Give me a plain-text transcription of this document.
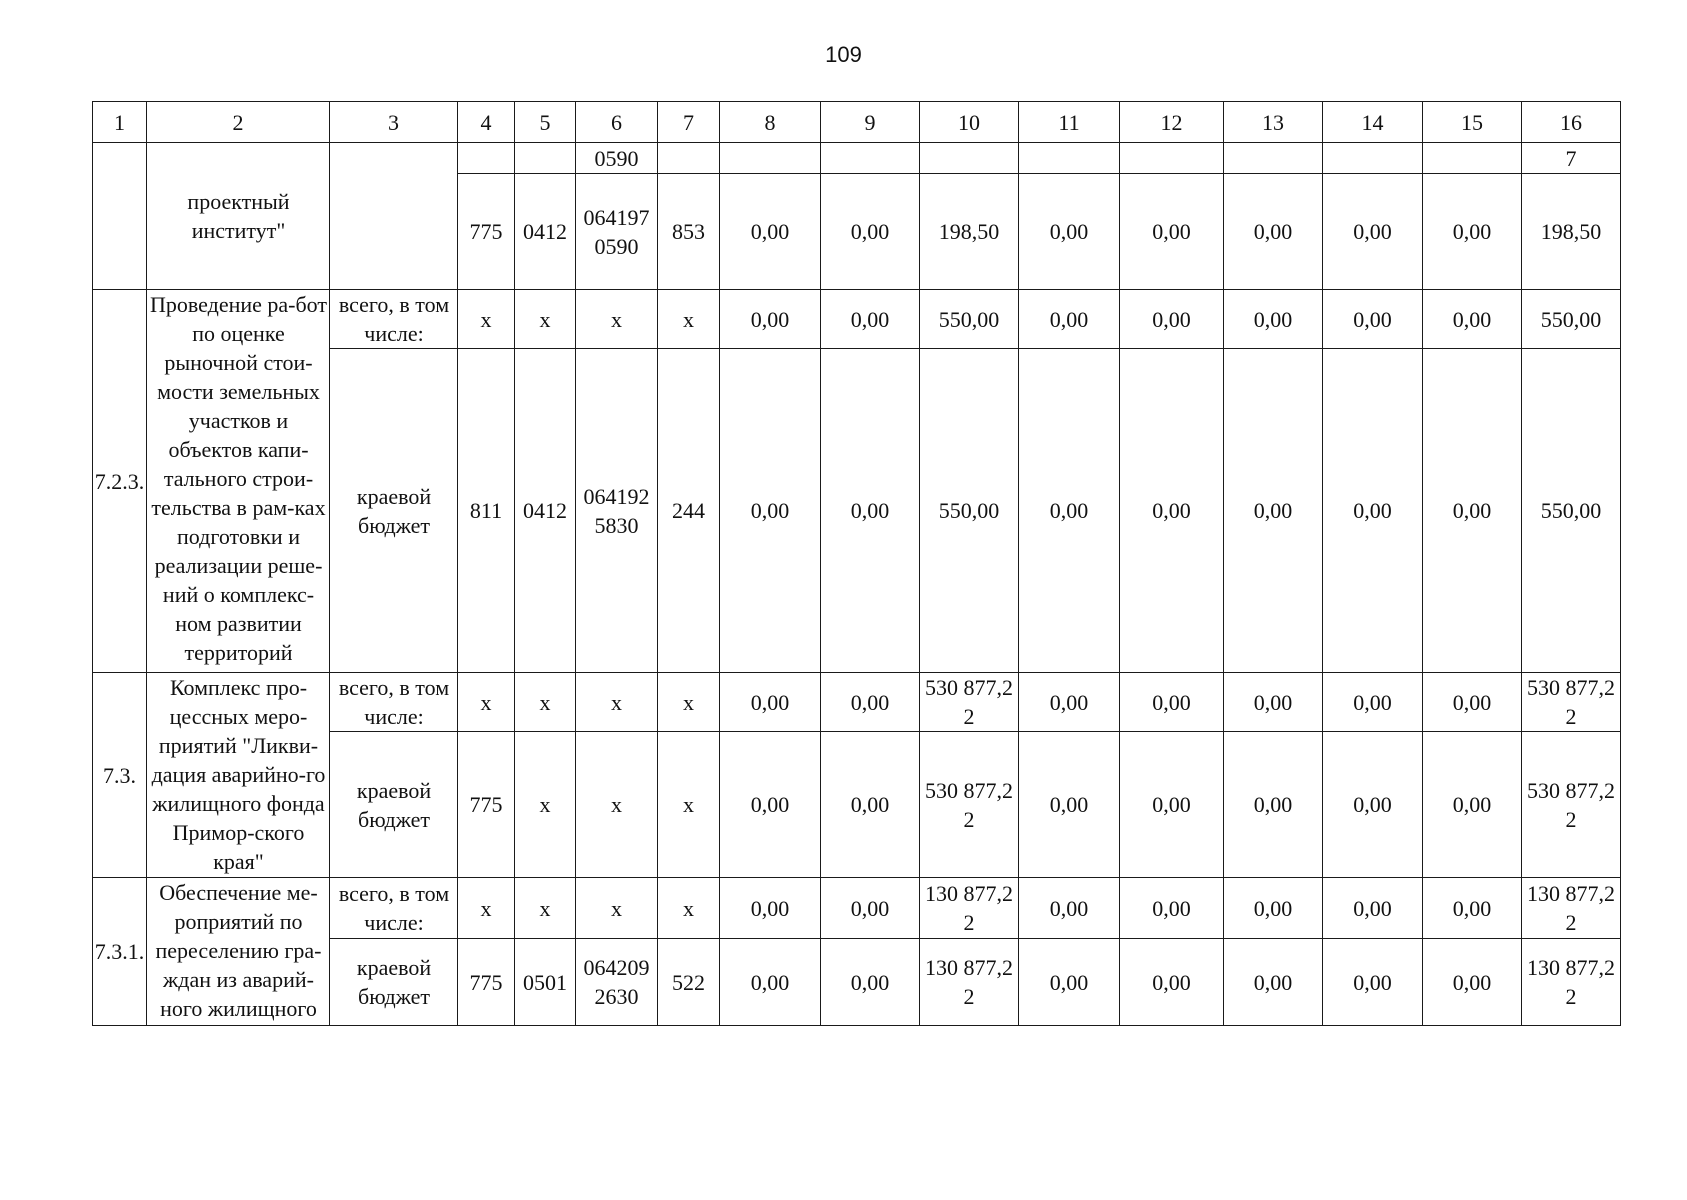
109
1	2	3	4	5	6	7	8	9	10	11	12	13	14	15	16
	проектный институт"				0590										7
			775	0412	064197 0590	853	0,00	0,00	198,50	0,00	0,00	0,00	0,00	0,00	198,50
7.2.3.	Проведение ра-бот по оценке рыночной стои-мости земельных участков и объектов капи-тального строи-тельства в рам-ках подготовки и реализации реше-ний о комплекс-ном развитии территорий	всего, в том числе:	x	x	x	x	0,00	0,00	550,00	0,00	0,00	0,00	0,00	0,00	550,00
		краевой бюджет	811	0412	064192 5830	244	0,00	0,00	550,00	0,00	0,00	0,00	0,00	0,00	550,00
7.3.	Комплекс про-цессных меро-приятий "Ликви-дация аварийно-го жилищного фонда Примор-ского края"	всего, в том числе:	x	x	x	x	0,00	0,00	530 877,2 2	0,00	0,00	0,00	0,00	0,00	530 877,2 2
		краевой бюджет	775	x	x	x	0,00	0,00	530 877,2 2	0,00	0,00	0,00	0,00	0,00	530 877,2 2
7.3.1.	Обеспечение ме-роприятий по переселению гра-ждан из аварий-ного жилищного	всего, в том числе:	x	x	x	x	0,00	0,00	130 877,2 2	0,00	0,00	0,00	0,00	0,00	130 877,2 2
		краевой бюджет	775	0501	064209 2630	522	0,00	0,00	130 877,2 2	0,00	0,00	0,00	0,00	0,00	130 877,2 2
